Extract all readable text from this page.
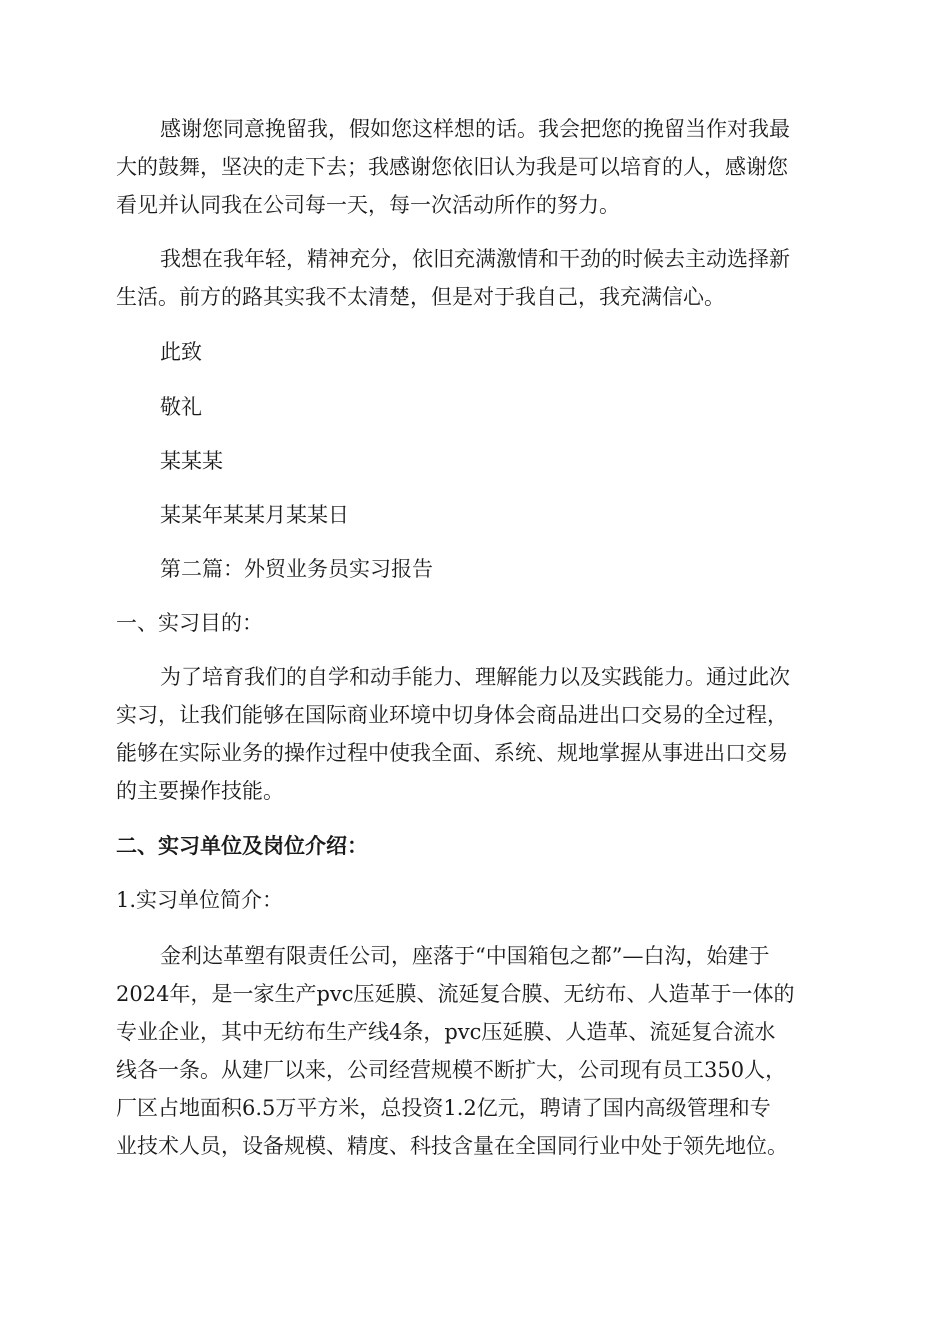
感谢您同意挽留我，假如您这样想的话。我会把您的挽留当作对我最
大的鼓舞，坚决的走下去；我感谢您依旧认为我是可以培育的人，感谢您
看见并认同我在公司每一天，每一次活动所作的努力。
我想在我年轻，精神充分，依旧充满激情和干劲的时候去主动选择新
生活。前方的路其实我不太清楚，但是对于我自己，我充满信心。
此致
敬礼
某某某
某某年某某月某某日
第二篇：外贸业务员实习报告
一、实习目的：
为了培育我们的自学和动手能力、理解能力以及实践能力。通过此次
实习，让我们能够在国际商业环境中切身体会商品进出口交易的全过程，
能够在实际业务的操作过程中使我全面、系统、规地掌握从事进出口交易
的主要操作技能。
二、实习单位及岗位介绍：
1.实习单位简介：
金利达革塑有限责任公司，座落于“中国箱包之都”—白沟，始建于
2024年，是一家生产pvc压延膜、流延复合膜、无纺布、人造革于一体的
专业企业，其中无纺布生产线4条，pvc压延膜、人造革、流延复合流水
线各一条。从建厂以来，公司经营规模不断扩大，公司现有员工350人，
厂区占地面积6.5万平方米，总投资1.2亿元，聘请了国内高级管理和专
业技术人员，设备规模、精度、科技含量在全国同行业中处于领先地位。
